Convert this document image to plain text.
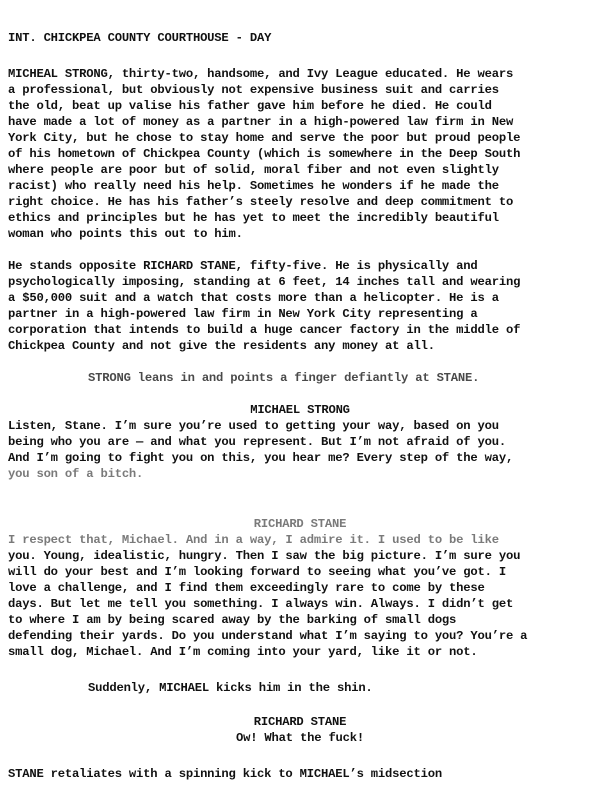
INT. CHICKPEA COUNTY COURTHOUSE - DAY
MICHEAL STRONG, thirty-two, handsome, and Ivy League educated. He wears
a professional, but obviously not expensive business suit and carries
the old, beat up valise his father gave him before he died. He could
have made a lot of money as a partner in a high-powered law firm in New
York City, but he chose to stay home and serve the poor but proud people
of his hometown of Chickpea County (which is somewhere in the Deep South
where people are poor but of solid, moral fiber and not even slightly
racist) who really need his help. Sometimes he wonders if he made the
right choice. He has his father’s steely resolve and deep commitment to
ethics and principles but he has yet to meet the incredibly beautiful
woman who points this out to him.
He stands opposite RICHARD STANE, fifty-five. He is physically and
psychologically imposing, standing at 6 feet, 14 inches tall and wearing
a $50,000 suit and a watch that costs more than a helicopter. He is a
partner in a high-powered law firm in New York City representing a
corporation that intends to build a huge cancer factory in the middle of
Chickpea County and not give the residents any money at all.
STRONG leans in and points a finger defiantly at STANE.
MICHAEL STRONG
Listen, Stane. I’m sure you’re used to getting your way, based on you
being who you are — and what you represent. But I’m not afraid of you.
And I’m going to fight you on this, you hear me? Every step of the way,
you son of a bitch.
RICHARD STANE
I respect that, Michael. And in a way, I admire it. I used to be like
you. Young, idealistic, hungry. Then I saw the big picture. I’m sure you
will do your best and I’m looking forward to seeing what you’ve got. I
love a challenge, and I find them exceedingly rare to come by these
days. But let me tell you something. I always win. Always. I didn’t get
to where I am by being scared away by the barking of small dogs
defending their yards. Do you understand what I’m saying to you? You’re a
small dog, Michael. And I’m coming into your yard, like it or not.
Suddenly, MICHAEL kicks him in the shin.
RICHARD STANE
Ow! What the fuck!
STANE retaliates with a spinning kick to MICHAEL’s midsection
